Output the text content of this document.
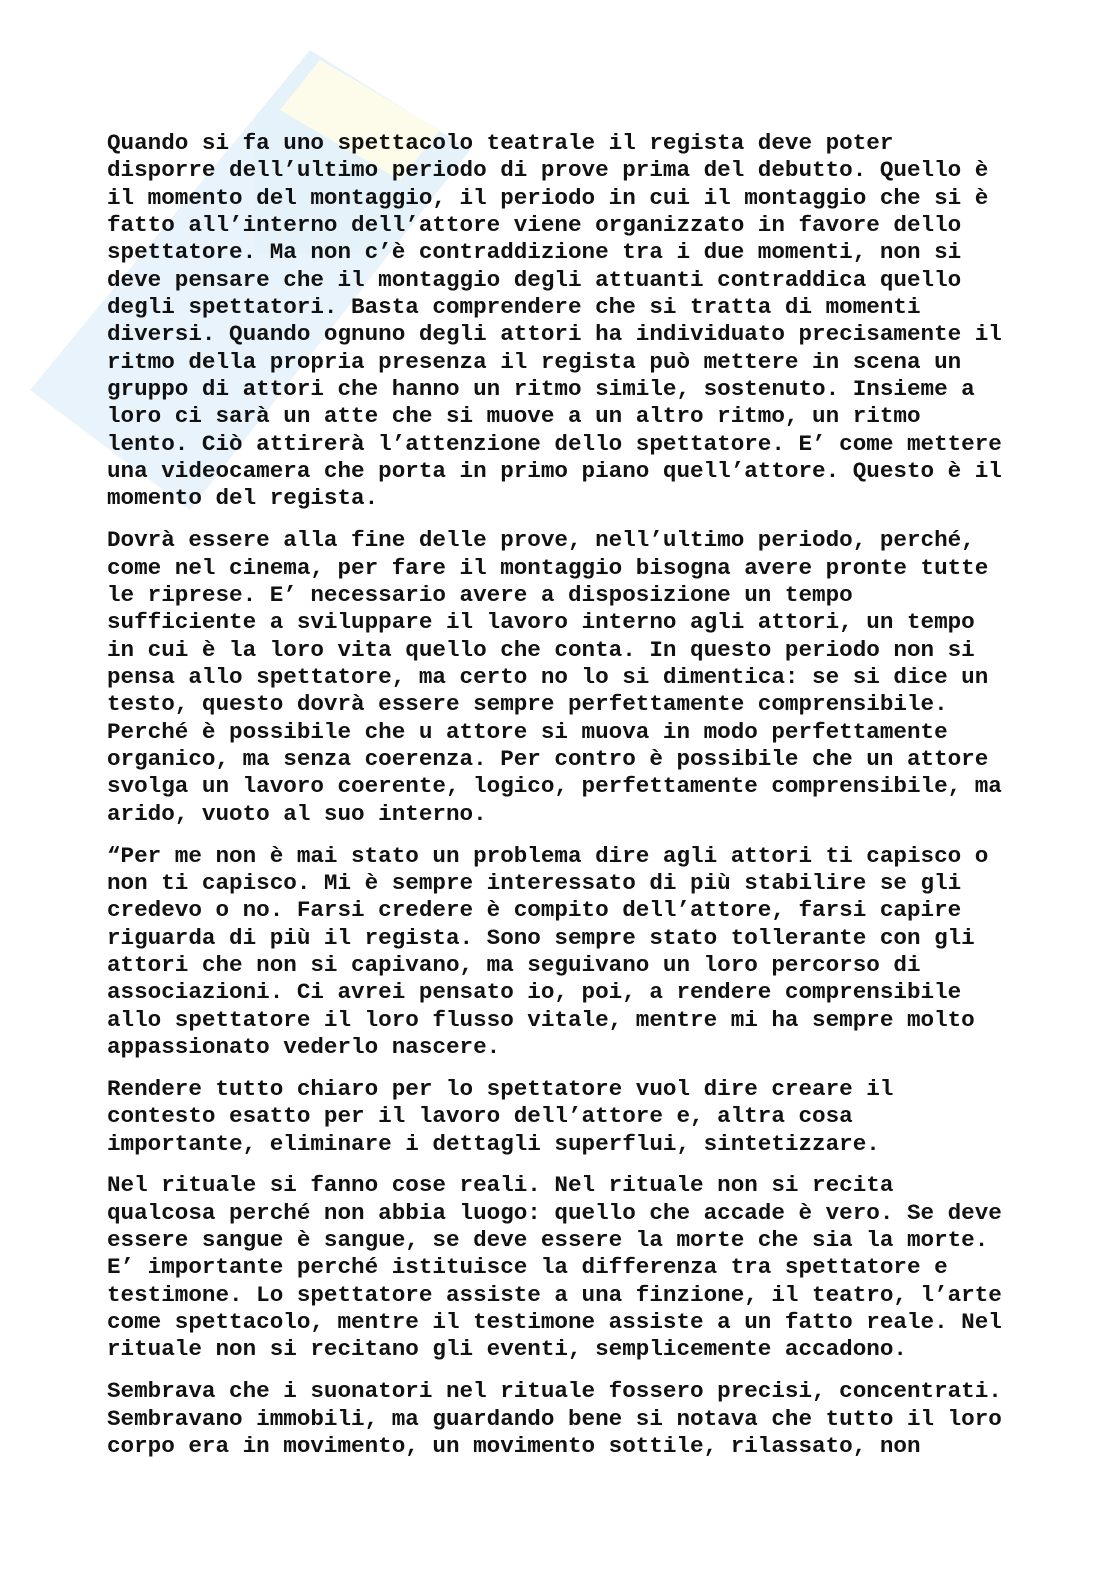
Quando si fa uno spettacolo teatrale il regista deve poter
disporre dell’ultimo periodo di prove prima del debutto. Quello è
il momento del montaggio, il periodo in cui il montaggio che si è
fatto all’interno dell’attore viene organizzato in favore dello
spettatore. Ma non c’è contraddizione tra i due momenti, non si
deve pensare che il montaggio degli attuanti contraddica quello
degli spettatori. Basta comprendere che si tratta di momenti
diversi. Quando ognuno degli attori ha individuato precisamente il
ritmo della propria presenza il regista può mettere in scena un
gruppo di attori che hanno un ritmo simile, sostenuto. Insieme a
loro ci sarà un atte che si muove a un altro ritmo, un ritmo
lento. Ciò attirerà l’attenzione dello spettatore. E’ come mettere
una videocamera che porta in primo piano quell’attore. Questo è il
momento del regista.

Dovrà essere alla fine delle prove, nell’ultimo periodo, perché,
come nel cinema, per fare il montaggio bisogna avere pronte tutte
le riprese. E’ necessario avere a disposizione un tempo
sufficiente a sviluppare il lavoro interno agli attori, un tempo
in cui è la loro vita quello che conta. In questo periodo non si
pensa allo spettatore, ma certo no lo si dimentica: se si dice un
testo, questo dovrà essere sempre perfettamente comprensibile.
Perché è possibile che u attore si muova in modo perfettamente
organico, ma senza coerenza. Per contro è possibile che un attore
svolga un lavoro coerente, logico, perfettamente comprensibile, ma
arido, vuoto al suo interno.

“Per me non è mai stato un problema dire agli attori ti capisco o
non ti capisco. Mi è sempre interessato di più stabilire se gli
credevo o no. Farsi credere è compito dell’attore, farsi capire
riguarda di più il regista. Sono sempre stato tollerante con gli
attori che non si capivano, ma seguivano un loro percorso di
associazioni. Ci avrei pensato io, poi, a rendere comprensibile
allo spettatore il loro flusso vitale, mentre mi ha sempre molto
appassionato vederlo nascere.

Rendere tutto chiaro per lo spettatore vuol dire creare il
contesto esatto per il lavoro dell’attore e, altra cosa
importante, eliminare i dettagli superflui, sintetizzare.

Nel rituale si fanno cose reali. Nel rituale non si recita
qualcosa perché non abbia luogo: quello che accade è vero. Se deve
essere sangue è sangue, se deve essere la morte che sia la morte.
E’ importante perché istituisce la differenza tra spettatore e
testimone. Lo spettatore assiste a una finzione, il teatro, l’arte
come spettacolo, mentre il testimone assiste a un fatto reale. Nel
rituale non si recitano gli eventi, semplicemente accadono.

Sembrava che i suonatori nel rituale fossero precisi, concentrati.
Sembravano immobili, ma guardando bene si notava che tutto il loro
corpo era in movimento, un movimento sottile, rilassato, non
